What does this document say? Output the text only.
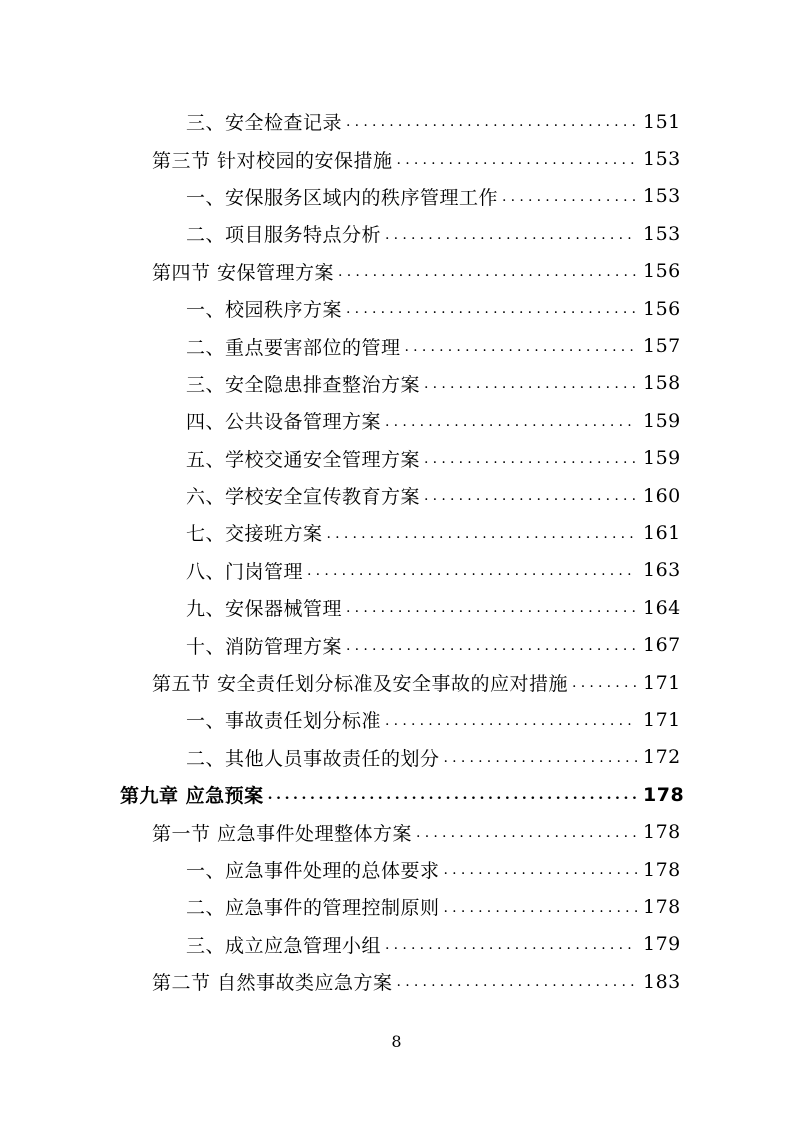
三、安全检查记录 .....	151
第三节 针对校园的安保措施 .....	153
一、安保服务区域内的秩序管理工作 .....	153
二、项目服务特点分析 .....	153
第四节 安保管理方案 .....	156
一、校园秩序方案 .....	156
二、重点要害部位的管理 .....	157
三、安全隐患排查整治方案 .....	158
四、公共设备管理方案 .....	159
五、学校交通安全管理方案 .....	159
六、学校安全宣传教育方案 .....	160
七、交接班方案 .....	161
八、门岗管理 .....	163
九、安保器械管理 .....	164
十、消防管理方案 .....	167
第五节 安全责任划分标准及安全事故的应对措施 .....	171
一、事故责任划分标准 .....	171
二、其他人员事故责任的划分 .....	172
第九章 应急预案 .....	178
第一节 应急事件处理整体方案 .....	178
一、应急事件处理的总体要求 .....	178
二、应急事件的管理控制原则 .....	178
三、成立应急管理小组 .....	179
第二节 自然事故类应急方案 .....	183
8
